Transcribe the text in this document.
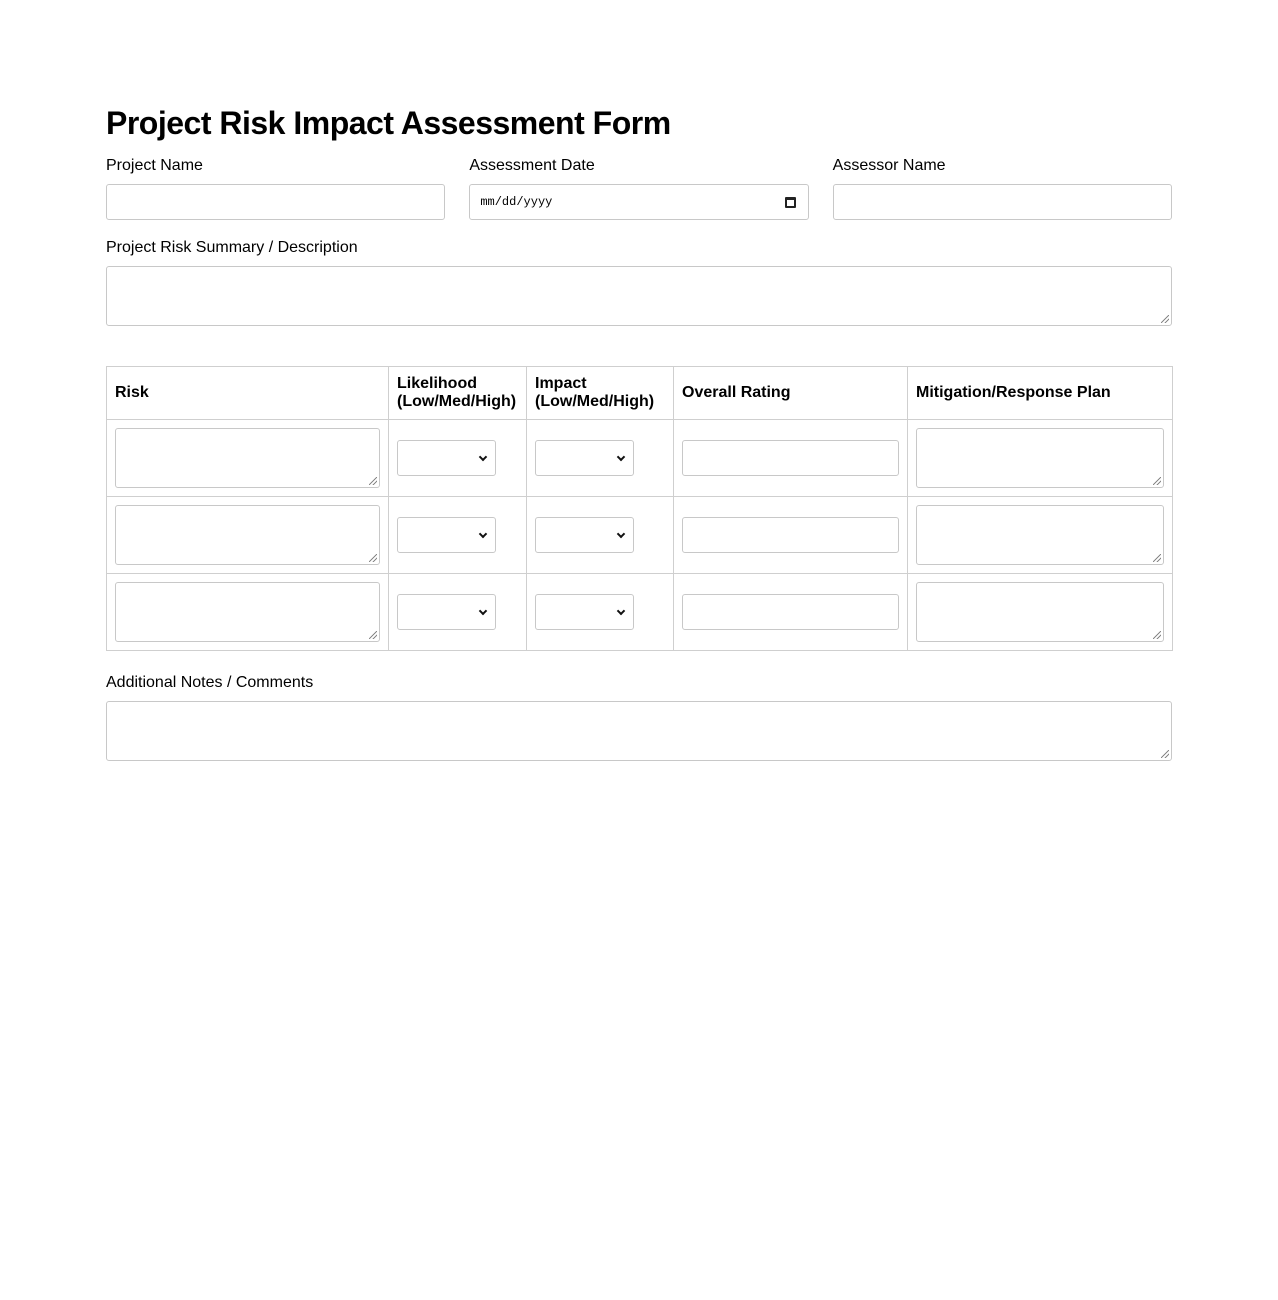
Project Risk Impact Assessment Form
Project Name	Assessment Date
mm/dd/yyyy
Assessor Name
Project Risk Summary / Description
Risk	Likelihood (Low/Med/High)	Impact (Low/Med/High)	Overall Rating	Mitigation/Response Plan

Additional Notes / Comments
